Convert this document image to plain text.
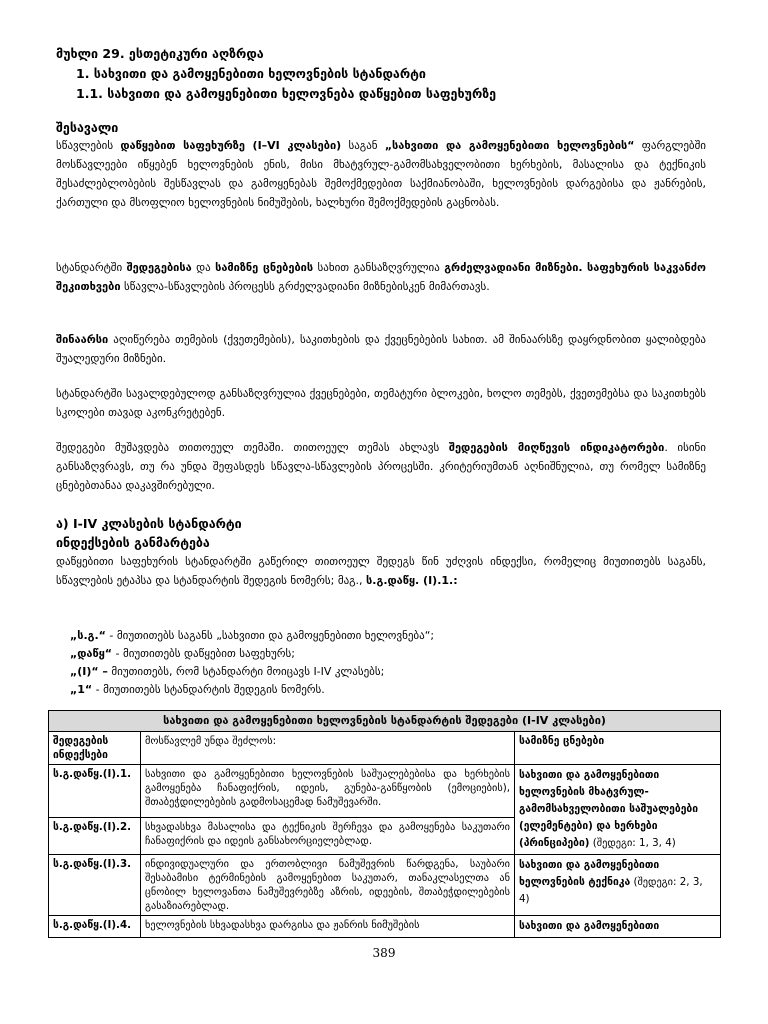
მუხლი 29. ესთეტიკური აღზრდა
1. სახვითი და გამოყენებითი ხელოვნების სტანდარტი
1.1. სახვითი და გამოყენებითი ხელოვნება დაწყებით საფეხურზე
შესავალი
სწავლების დაწყებით საფეხურზე (I–VI კლასები) საგან „სახვითი და გამოყენებითი ხელოვნების“ ფარგლებში მოსწავლეები იწყებენ ხელოვნების ენის, მისი მხატვრულ-გამომსახველობითი ხერხების, მასალისა და ტექნიკის შესაძლებლობების შესწავლას და გამოყენებას შემოქმედებით საქმიანობაში, ხელოვნების დარგებისა და ჟანრების, ქართული და მსოფლიო ხელოვნების ნიმუშების, ხალხური შემოქმედების გაცნობას.
სტანდარტში შედეგებისა და სამიზნე ცნებების სახით განსაზღვრულია გრძელვადიანი მიზნები. საფეხურის საკვანძო შეკითხვები სწავლა-სწავლების პროცესს გრძელვადიანი მიზნებისკენ მიმართავს.
შინაარსი აღიწერება თემების (ქვეთემების), საკითხების და ქვეცნებების სახით. ამ შინაარსზე დაყრდნობით ყალიბდება შუალედური მიზნები.
სტანდარტში სავალდებულოდ განსაზღვრულია ქვეცნებები, თემატური ბლოკები, ხოლო თემებს, ქვეთემებსა და საკითხებს სკოლები თავად აკონკრეტებენ.
შედეგები მუშავდება თითოეულ თემაში. თითოეულ თემას ახლავს შედეგების მიღწევის ინდიკატორები. ისინი განსაზღვრავს, თუ რა უნდა შეფასდეს სწავლა-სწავლების პროცესში. კრიტერიუმთან აღნიშნულია, თუ რომელ სამიზნე ცნებებთანაა დაკავშირებული.
ა) I-IV კლასების სტანდარტი
ინდექსების განმარტება
დაწყებითი საფეხურის სტანდარტში გაწერილ თითოეულ შედეგს წინ უძღვის ინდექსი, რომელიც მიუთითებს საგანს, სწავლების ეტაპსა და სტანდარტის შედეგის ნომერს; მაგ., ს.გ.დაწყ. (I).1.:
„ს.გ.“ - მიუთითებს საგანს „სახვითი და გამოყენებითი ხელოვნება“;
„დაწყ“ - მიუთითებს დაწყებით საფეხურს;
„(I)“ – მიუთითებს, რომ სტანდარტი მოიცავს I-IV კლასებს;
„1“ - მიუთითებს სტანდარტის შედეგის ნომერს.
სახვითი და გამოყენებითი ხელოვნების სტანდარტის შედეგები (I-IV კლასები)		
შედეგების ინდექსები	მოსწავლემ უნდა შეძლოს:	სამიზნე ცნებები
ს.გ.დაწყ.(I).1.	სახვითი და გამოყენებითი ხელოვნების საშუალებებისა და ხერხების გამოყენება ჩანაფიქრის, იდეის, გუნება-განწყობის (ემოციების), შთაბეჭდილებების გადმოსაცემად ნამუშევარში.	სახვითი და გამოყენებითი ხელოვნების მხატვრულ-გამომსახველობითი საშუალებები (ელემენტები) და ხერხები (პრინციპები) (შედეგი: 1, 3, 4)
ს.გ.დაწყ.(I).2.	სხვადასხვა მასალისა და ტექნიკის შერჩევა და გამოყენება საკუთარი ჩანაფიქრის და იდეის განსახორციელებლად.	
ს.გ.დაწყ.(I).3.	ინდივიდუალური და ერთობლივი ნამუშევრის წარდგენა, საუბარი შესაბამისი ტერმინების გამოყენებით საკუთარ, თანაკლასელთა ან ცნობილ ხელოვანთა ნამუშევრებზე აზრის, იდეების, შთაბეჭდილებების გასაზიარებლად.	სახვითი და გამოყენებითი ხელოვნების ტექნიკა (შედეგი: 2, 3, 4)
ს.გ.დაწყ.(I).4.	ხელოვნების სხვადასხვა დარგისა და ჟანრის ნიმუშების	სახვითი და გამოყენებითი
389
